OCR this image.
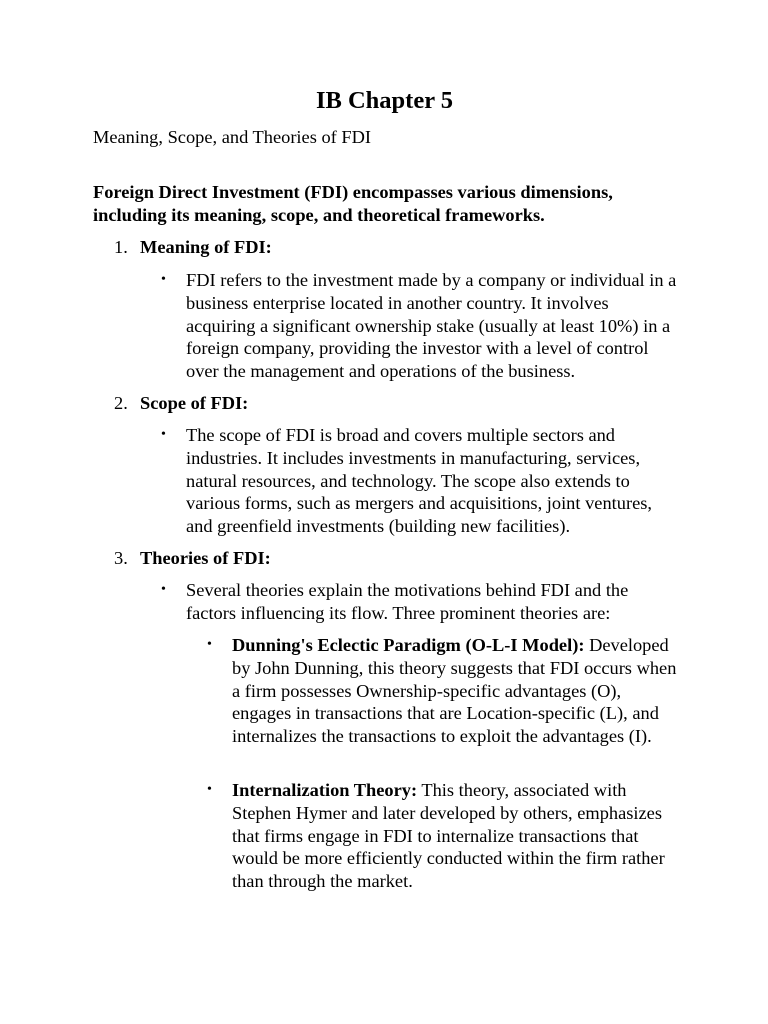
IB Chapter 5

Meaning, Scope, and Theories of FDI

Foreign Direct Investment (FDI) encompasses various dimensions, including its meaning, scope, and theoretical frameworks.

1. Meaning of FDI:
• FDI refers to the investment made by a company or individual in a business enterprise located in another country. It involves acquiring a significant ownership stake (usually at least 10%) in a foreign company, providing the investor with a level of control over the management and operations of the business.
2. Scope of FDI:
• The scope of FDI is broad and covers multiple sectors and industries. It includes investments in manufacturing, services, natural resources, and technology. The scope also extends to various forms, such as mergers and acquisitions, joint ventures, and greenfield investments (building new facilities).
3. Theories of FDI:
• Several theories explain the motivations behind FDI and the factors influencing its flow. Three prominent theories are:
• Dunning's Eclectic Paradigm (O-L-I Model): Developed by John Dunning, this theory suggests that FDI occurs when a firm possesses Ownership-specific advantages (O), engages in transactions that are Location-specific (L), and internalizes the transactions to exploit the advantages (I).
• Internalization Theory: This theory, associated with Stephen Hymer and later developed by others, emphasizes that firms engage in FDI to internalize transactions that would be more efficiently conducted within the firm rather than through the market.
